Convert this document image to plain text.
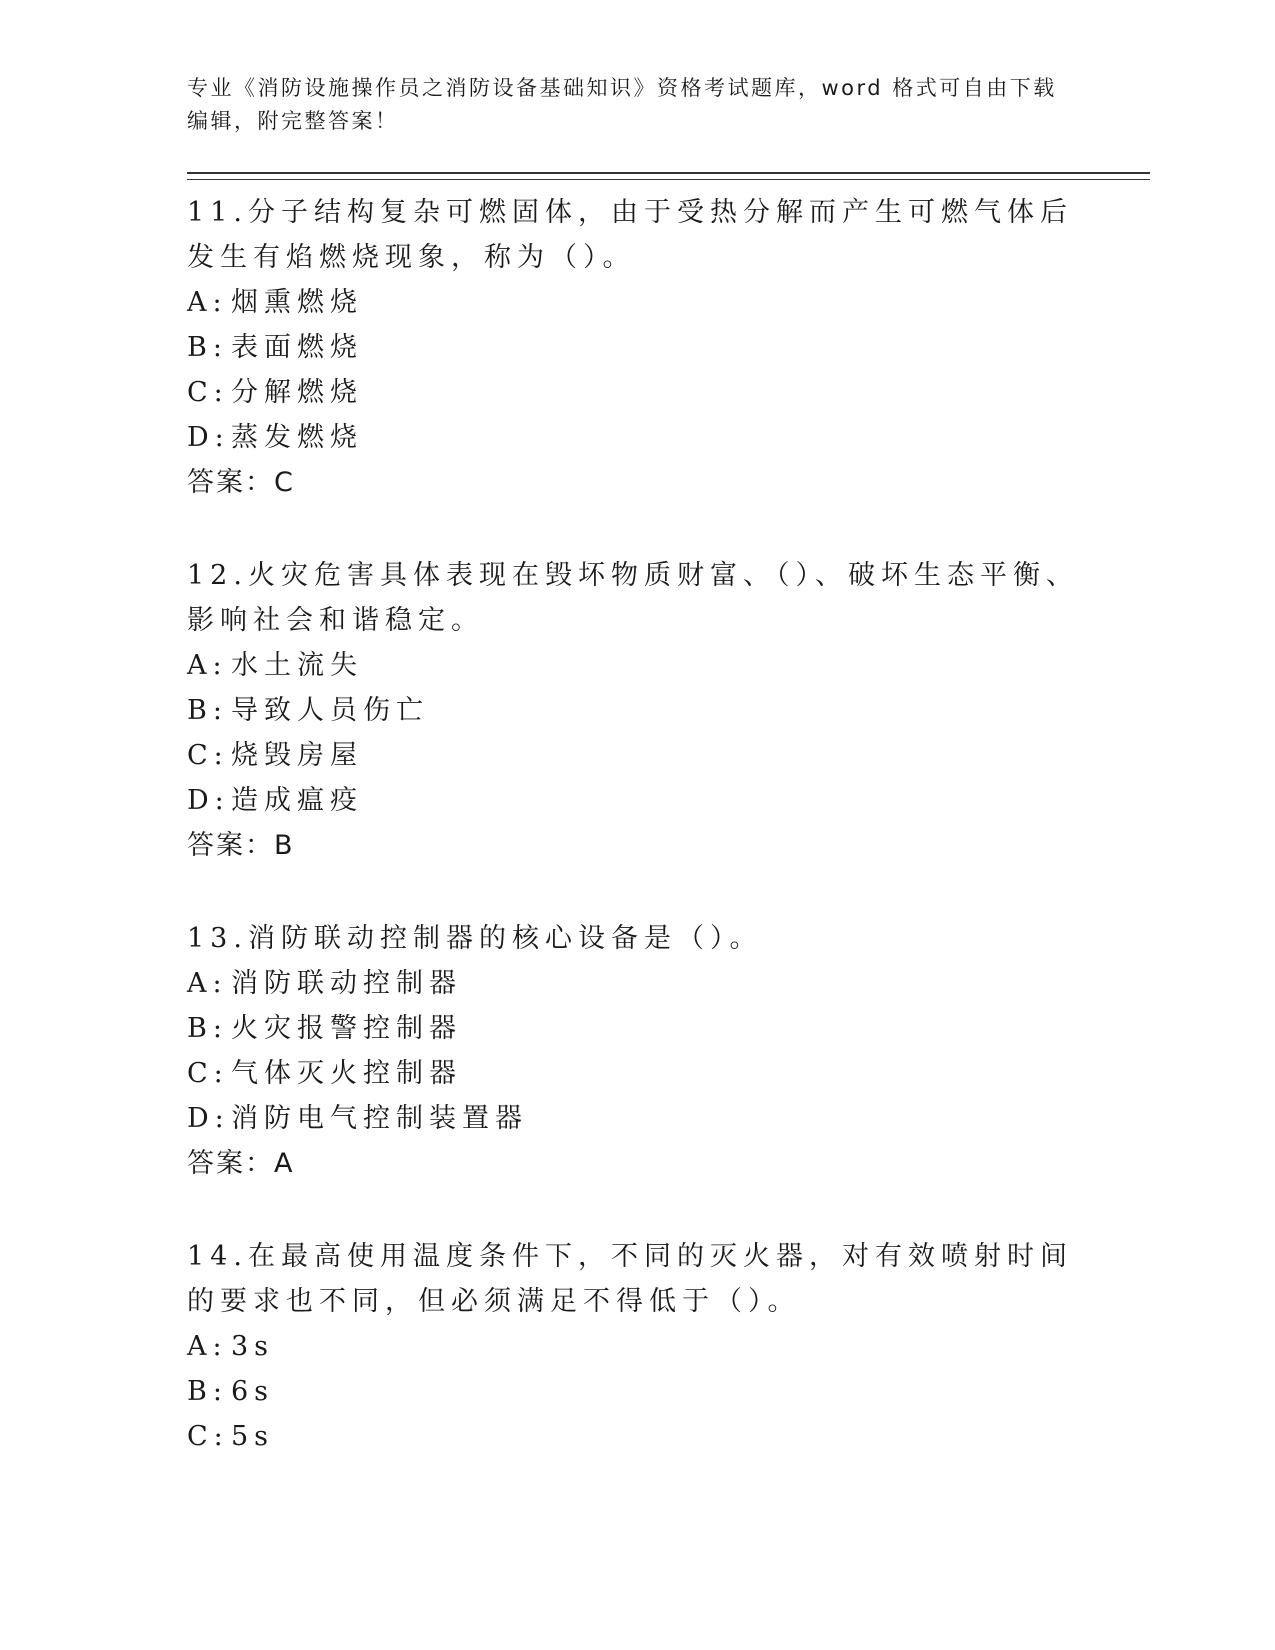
专业《消防设施操作员之消防设备基础知识》资格考试题库，word 格式可自由下载编辑，附完整答案！

11.分子结构复杂可燃固体，由于受热分解而产生可燃气体后发生有焰燃烧现象，称为（）。

A: 烟熏燃烧
B: 表面燃烧
C: 分解燃烧
D: 蒸发燃烧
答案：C

12.火灾危害具体表现在毁坏物质财富、（）、破坏生态平衡、影响社会和谐稳定。

A: 水土流失
B: 导致人员伤亡
C: 烧毁房屋
D: 造成瘟疫
答案：B

13.消防联动控制器的核心设备是（）。

A: 消防联动控制器
B: 火灾报警控制器
C: 气体灭火控制器
D: 消防电气控制装置器
答案：A

14.在最高使用温度条件下，不同的灭火器，对有效喷射时间的要求也不同，但必须满足不得低于（）。

A: 3s
B: 6s
C: 5s
